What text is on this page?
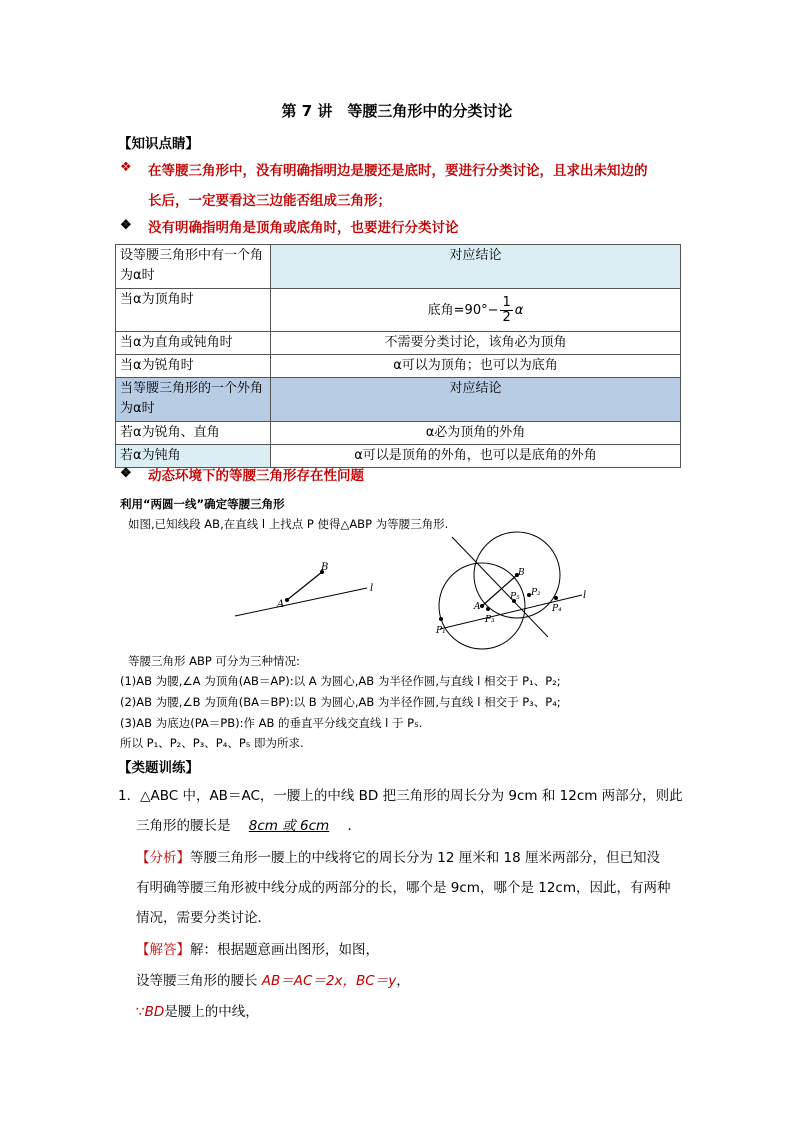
第 7 讲　等腰三角形中的分类讨论
【知识点睛】
❖ 在等腰三角形中，没有明确指明边是腰还是底时，要进行分类讨论，且求出未知边的
长后，一定要看这三边能否组成三角形；
❖ 没有明确指明角是顶角或底角时，也要进行分类讨论
设等腰三角形中有一个角为α时	对应结论
当α为顶角时	底角$=90^\circ- \frac{1}{2}$ α
当α为直角或钝角时	不需要分类讨论，该角必为顶角
当α为锐角时	α可以为顶角；也可以为底角
当等腰三角形的一个外角为α时	对应结论
若α为锐角、直角	α必为顶角的外角
若α为钝角	α可以是顶角的外角，也可以是底角的外角
❖ 动态环境下的等腰三角形存在性问题
利用“两圆一线”确定等腰三角形
如图,已知线段 AB,在直线 l 上找点 P 使得△ABP 为等腰三角形.
A
B
l
A
B
P₁
P₂
P₃
P₄
P₅	l
等腰三角形 ABP 可分为三种情况:
(1)AB 为腰,∠A 为顶角(AB＝AP):以 A 为圆心,AB 为半径作圆,与直线 l 相交于 P₁、P₂;
(2)AB 为腰,∠B 为顶角(BA＝BP):以 B 为圆心,AB 为半径作圆,与直线 l 相交于 P₃、P₄;
(3)AB 为底边(PA＝PB):作 AB 的垂直平分线交直线 l 于 P₅.
所以 P₁、P₂、P₃、P₄、P₅ 即为所求.
【类题训练】
1．△ABC 中，AB＝AC，一腰上的中线 BD 把三角形的周长分为 9cm 和 12cm 两部分，则此
三角形的腰长是 8cm 或 6cm ．
【分析】等腰三角形一腰上的中线将它的周长分为 12 厘米和 18 厘米两部分，但已知没
有明确等腰三角形被中线分成的两部分的长，哪个是 9cm，哪个是 12cm，因此，有两种
情况，需要分类讨论．
【解答】解：根据题意画出图形，如图，
设等腰三角形的腰长 AB＝AC＝2x，BC＝y，
∵BD是腰上的中线，
